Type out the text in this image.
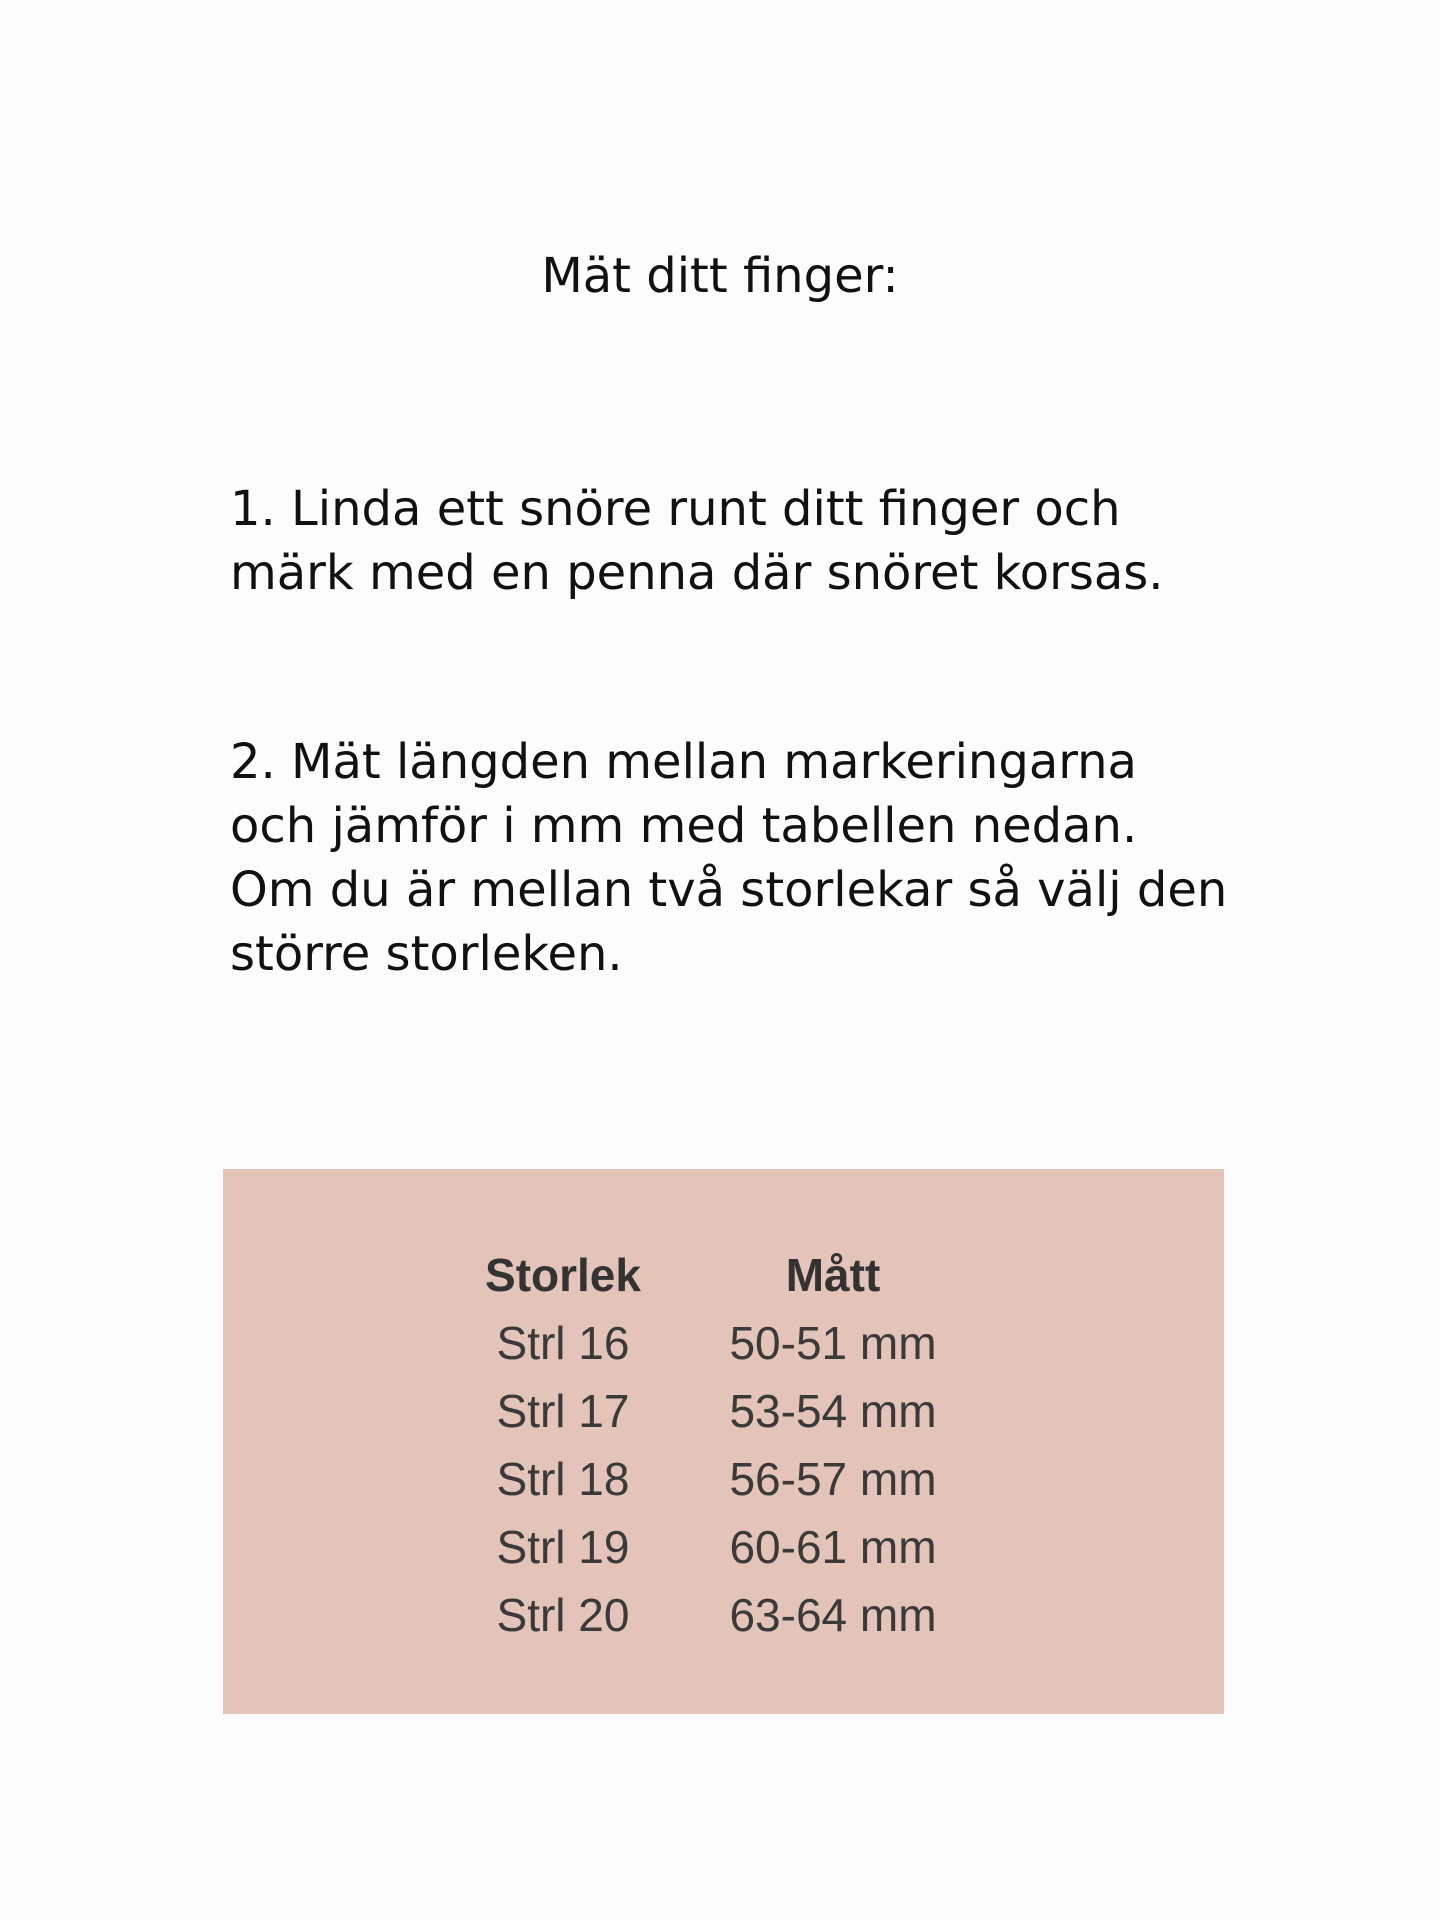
Mät ditt finger:

1. Linda ett snöre runt ditt finger och märk med en penna där snöret korsas.

2. Mät längden mellan markeringarna och jämför i mm med tabellen nedan. Om du är mellan två storlekar så välj den större storleken.

	Storlek	Mått	
	Strl 16	50-51 mm	
	Strl 17	53-54 mm	
	Strl 18	56-57 mm	
	Strl 19	60-61 mm	
	Strl 20	63-64 mm	
